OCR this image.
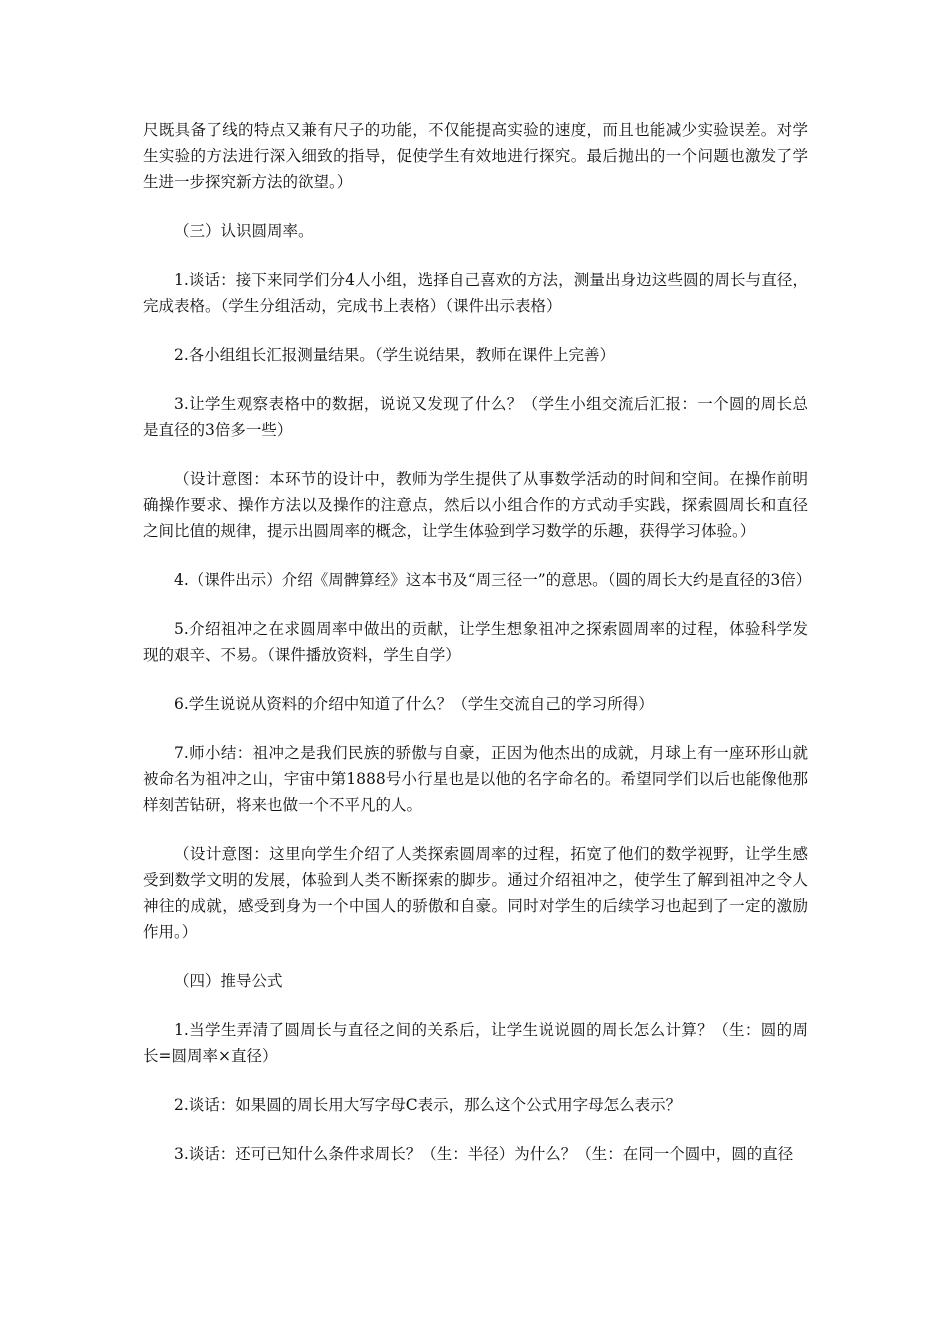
尺既具备了线的特点又兼有尺子的功能，不仅能提高实验的速度，而且也能减少实验误差。对学生实验的方法进行深入细致的指导，促使学生有效地进行探究。最后抛出的一个问题也激发了学生进一步探究新方法的欲望。）

（三）认识圆周率。

1.谈话：接下来同学们分4人小组，选择自己喜欢的方法，测量出身边这些圆的周长与直径，完成表格。（学生分组活动，完成书上表格）（课件出示表格）

2.各小组组长汇报测量结果。（学生说结果，教师在课件上完善）

3.让学生观察表格中的数据，说说又发现了什么？（学生小组交流后汇报：一个圆的周长总是直径的3倍多一些）

（设计意图：本环节的设计中，教师为学生提供了从事数学活动的时间和空间。在操作前明确操作要求、操作方法以及操作的注意点，然后以小组合作的方式动手实践，探索圆周长和直径之间比值的规律，提示出圆周率的概念，让学生体验到学习数学的乐趣，获得学习体验。）

4.（课件出示）介绍《周髀算经》这本书及“周三径一”的意思。（圆的周长大约是直径的3倍）

5.介绍祖冲之在求圆周率中做出的贡献，让学生想象祖冲之探索圆周率的过程，体验科学发现的艰辛、不易。（课件播放资料，学生自学）

6.学生说说从资料的介绍中知道了什么？（学生交流自己的学习所得）

7.师小结：祖冲之是我们民族的骄傲与自豪，正因为他杰出的成就，月球上有一座环形山就被命名为祖冲之山，宇宙中第1888号小行星也是以他的名字命名的。希望同学们以后也能像他那样刻苦钻研，将来也做一个不平凡的人。

（设计意图：这里向学生介绍了人类探索圆周率的过程，拓宽了他们的数学视野，让学生感受到数学文明的发展，体验到人类不断探索的脚步。通过介绍祖冲之，使学生了解到祖冲之令人神往的成就，感受到身为一个中国人的骄傲和自豪。同时对学生的后续学习也起到了一定的激励作用。）

（四）推导公式

1.当学生弄清了圆周长与直径之间的关系后，让学生说说圆的周长怎么计算？（生：圆的周长=圆周率×直径）

2.谈话：如果圆的周长用大写字母C表示，那么这个公式用字母怎么表示？

3.谈话：还可已知什么条件求周长？（生：半径）为什么？（生：在同一个圆中，圆的直径
